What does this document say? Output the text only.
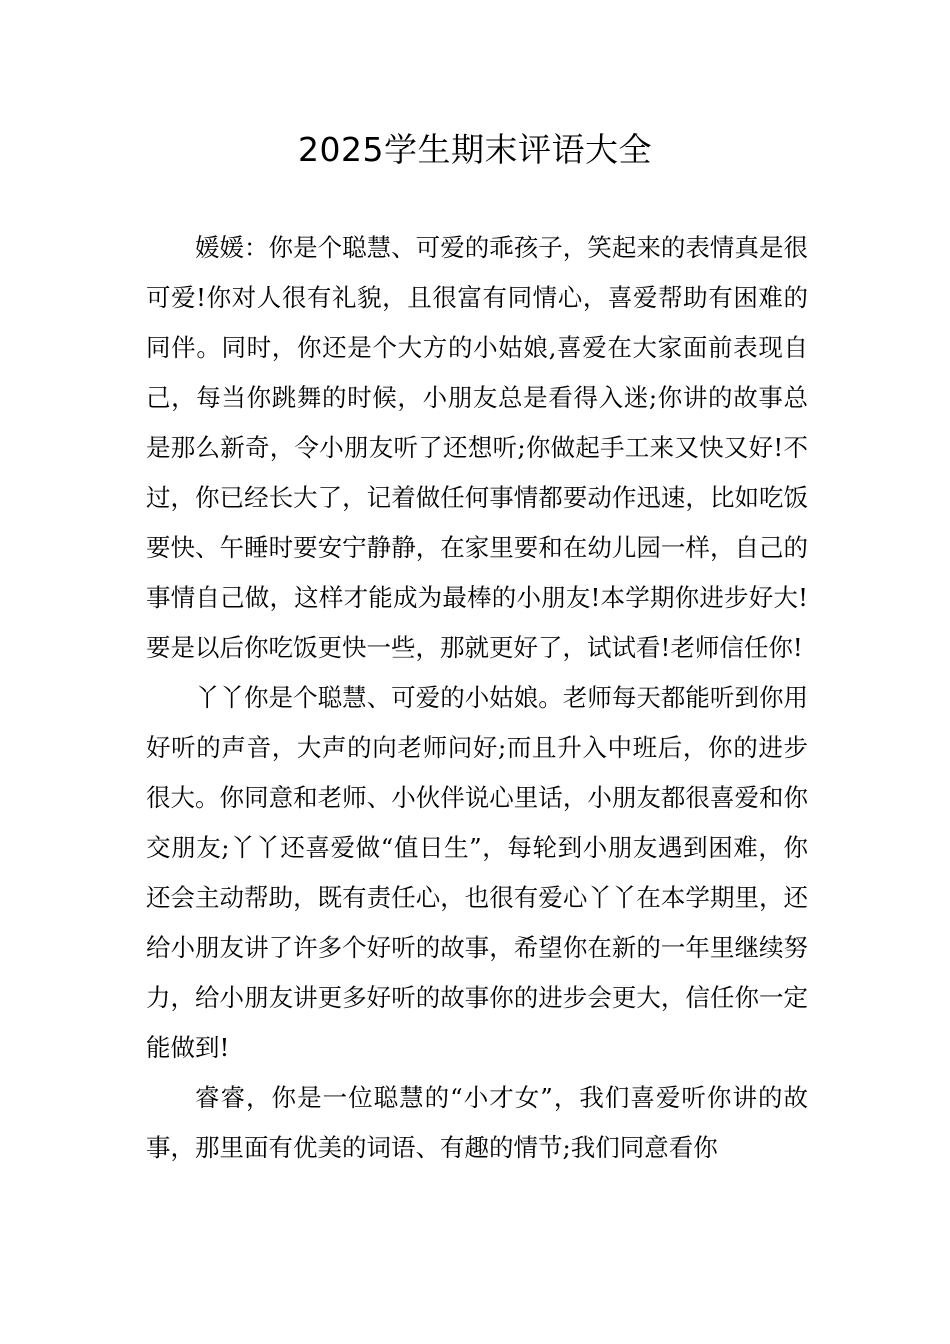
2025学生期末评语大全

媛媛：你是个聪慧、可爱的乖孩子，笑起来的表情真是很可爱!你对人很有礼貌，且很富有同情心，喜爱帮助有困难的同伴。同时，你还是个大方的小姑娘,喜爱在大家面前表现自己，每当你跳舞的时候，小朋友总是看得入迷;你讲的故事总是那么新奇，令小朋友听了还想听;你做起手工来又快又好!不过，你已经长大了，记着做任何事情都要动作迅速，比如吃饭要快、午睡时要安宁静静，在家里要和在幼儿园一样，自己的事情自己做，这样才能成为最棒的小朋友!本学期你进步好大!要是以后你吃饭更快一些，那就更好了，试试看!老师信任你!

丫丫你是个聪慧、可爱的小姑娘。老师每天都能听到你用好听的声音，大声的向老师问好;而且升入中班后，你的进步很大。你同意和老师、小伙伴说心里话，小朋友都很喜爱和你交朋友;丫丫还喜爱做“值日生”，每轮到小朋友遇到困难，你还会主动帮助，既有责任心，也很有爱心丫丫在本学期里，还给小朋友讲了许多个好听的故事，希望你在新的一年里继续努力，给小朋友讲更多好听的故事你的进步会更大，信任你一定能做到!

睿睿，你是一位聪慧的“小才女”，我们喜爱听你讲的故事，那里面有优美的词语、有趣的情节;我们同意看你
